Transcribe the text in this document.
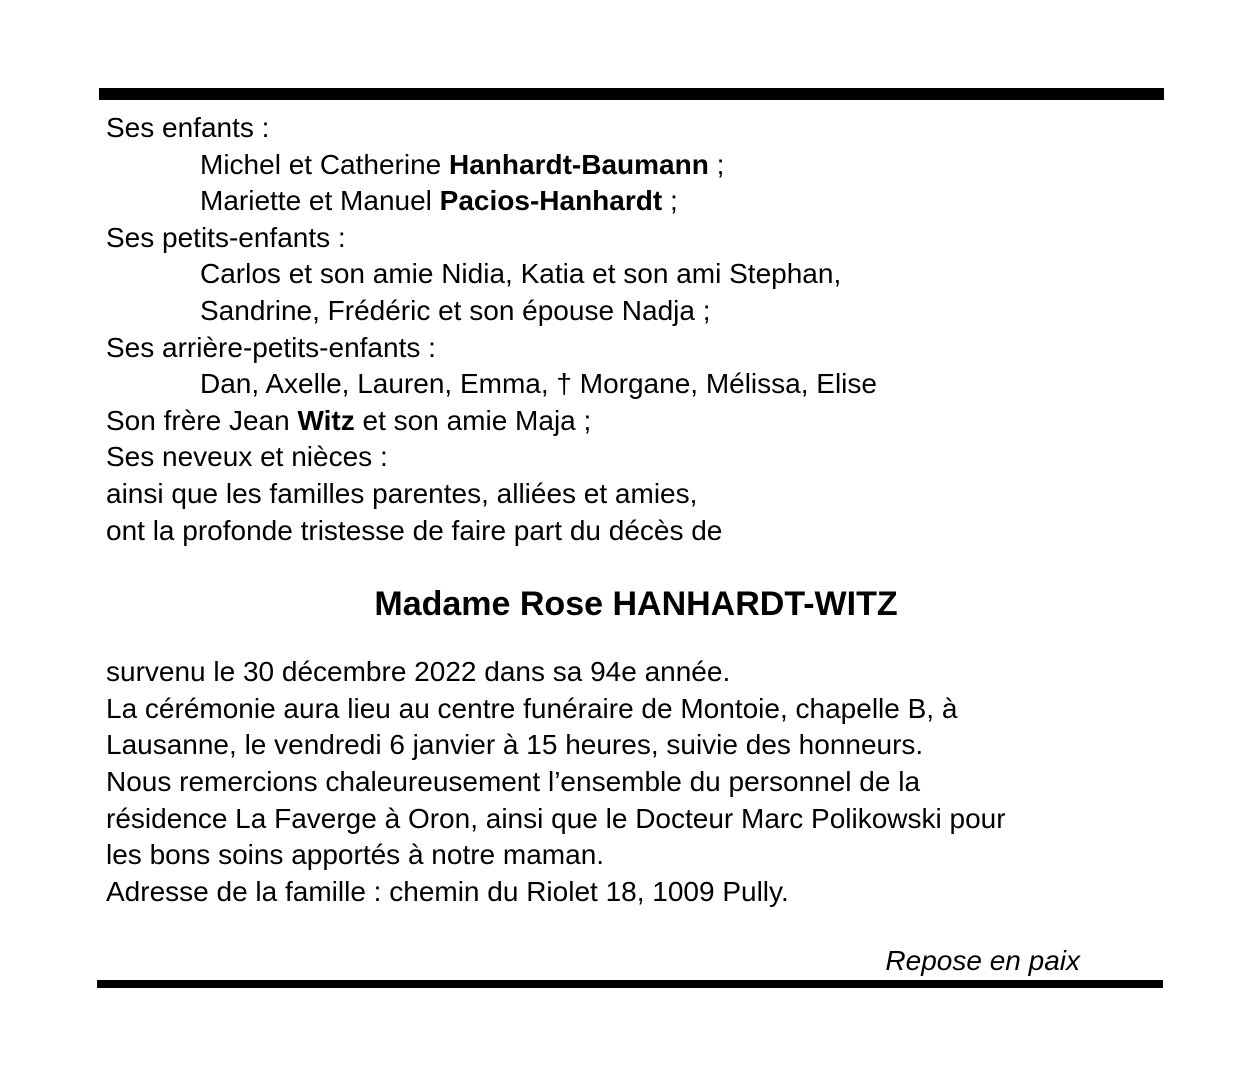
Ses enfants :
Michel et Catherine Hanhardt-Baumann ;
Mariette et Manuel Pacios-Hanhardt ;
Ses petits-enfants :
Carlos et son amie Nidia, Katia et son ami Stephan,
Sandrine, Frédéric et son épouse Nadja ;
Ses arrière-petits-enfants :
Dan, Axelle, Lauren, Emma, † Morgane, Mélissa, Elise
Son frère Jean Witz et son amie Maja ;
Ses neveux et nièces :
ainsi que les familles parentes, alliées et amies,
ont la profonde tristesse de faire part du décès de
Madame Rose HANHARDT-WITZ
survenu le 30 décembre 2022 dans sa 94e année.
La cérémonie aura lieu au centre funéraire de Montoie, chapelle B, à
Lausanne, le vendredi 6 janvier à 15 heures, suivie des honneurs.
Nous remercions chaleureusement l’ensemble du personnel de la
résidence La Faverge à Oron, ainsi que le Docteur Marc Polikowski pour
les bons soins apportés à notre maman.
Adresse de la famille : chemin du Riolet 18, 1009 Pully.
Repose en paix
